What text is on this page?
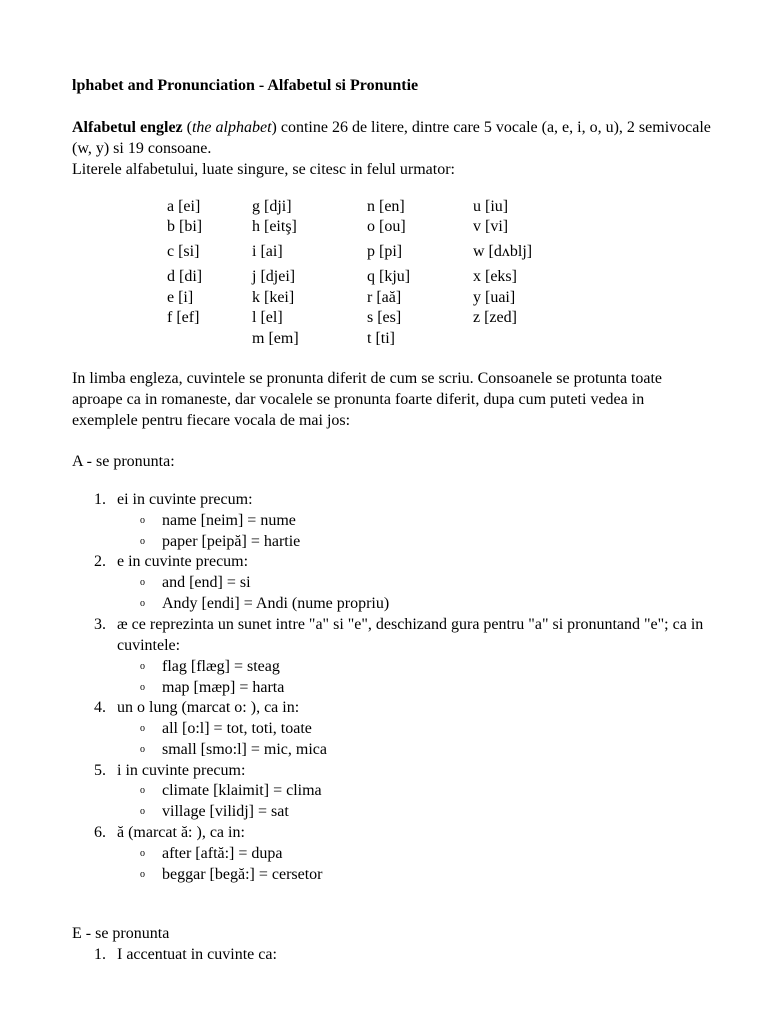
lphabet and Pronunciation - Alfabetul si Pronuntie
Alfabetul englez (the alphabet) contine 26 de litere, dintre care 5 vocale (a, e, i, o, u), 2 semivocale (w, y) si 19 consoane.
Literele alfabetului, luate singure, se citesc in felul urmator:
a [ei]
b [bi]
c [si]
d [di]
e [i]
f [ef]
g [dji]
h [eitş]
i [ai]
j [djei]
k [kei]
l [el]
m [em]
n [en]
o [ou]
p [pi]
q [kju]
r [aă]
s [es]
t [ti]
u [iu]
v [vi]
w [dʌblj]
x [eks]
y [uai]
z [zed]
In limba engleza, cuvintele se pronunta diferit de cum se scriu. Consoanele se protunta toate aproape ca in romaneste, dar vocalele se pronunta foarte diferit, dupa cum puteti vedea in exemplele pentru fiecare vocala de mai jos:
A - se pronunta:
1. ei in cuvinte precum:
o name [neim] = nume
o paper [peipă] = hartie
2. e in cuvinte precum:
o and [end] = si
o Andy [endi] = Andi (nume propriu)
3. æ ce reprezinta un sunet intre "a" si "e", deschizand gura pentru "a" si pronuntand "e"; ca in cuvintele:
o flag [flæg] = steag
o map [mæp] = harta
4. un o lung (marcat o: ), ca in:
o all [o:l] = tot, toti, toate
o small [smo:l] = mic, mica
5. i in cuvinte precum:
o climate [klaimit] = clima
o village [vilidj] = sat
6. ă (marcat ă: ), ca in:
o after [aftă:] = dupa
o beggar [begă:] = cersetor
E - se pronunta
1. I accentuat in cuvinte ca:
